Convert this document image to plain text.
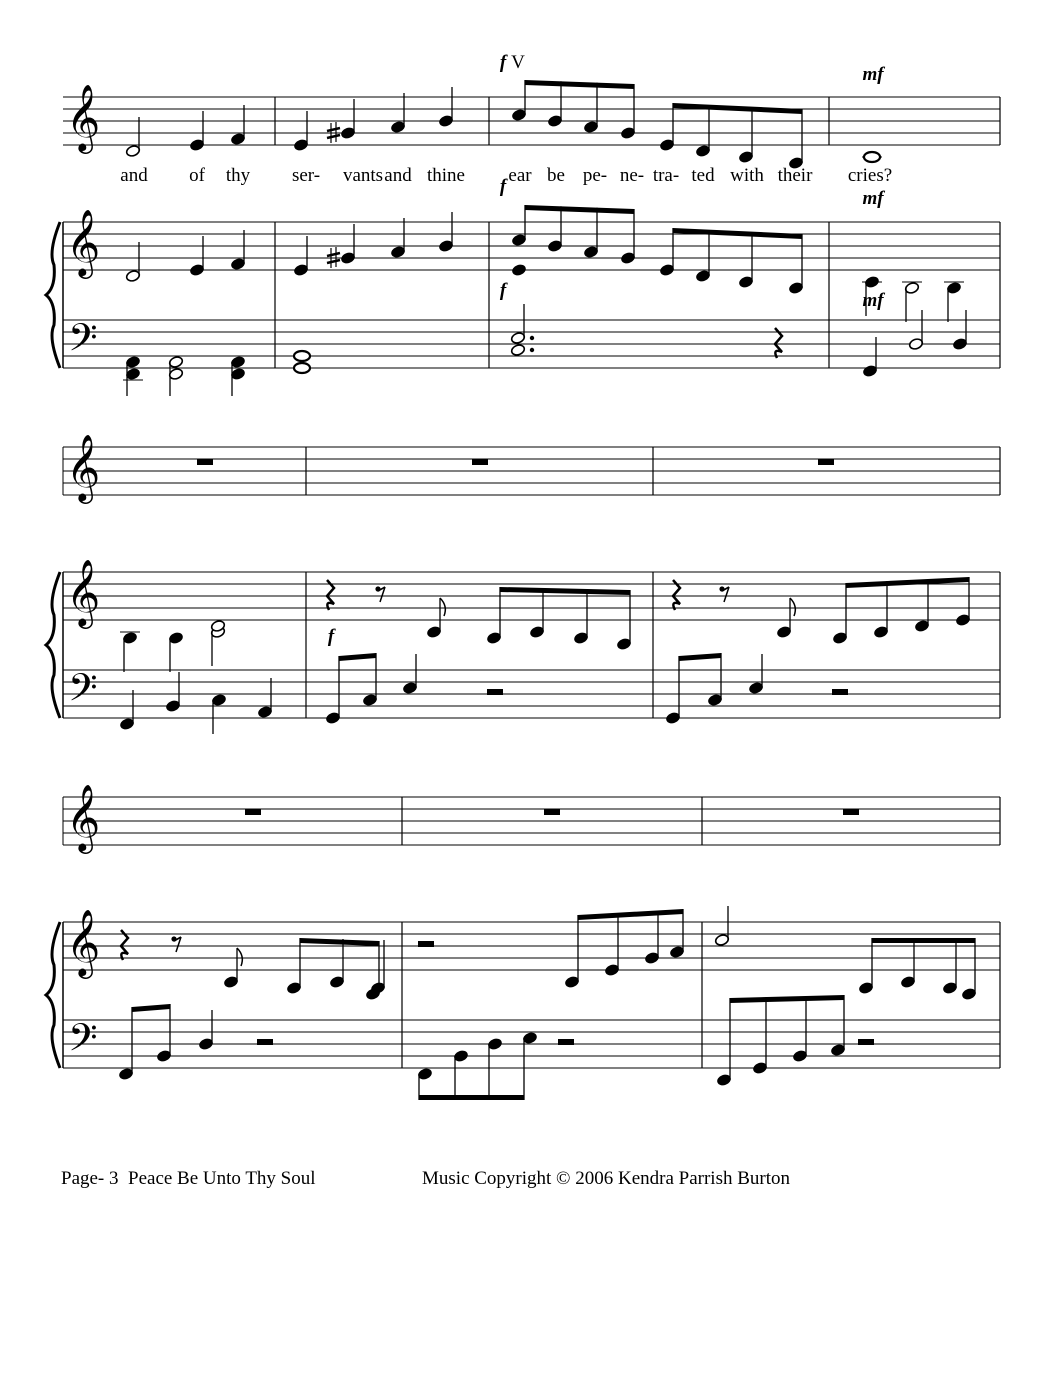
𝄞
𝄞
𝄢
and of thy ser- vants and thine ear be pe- ne- tra- ted with their cries?
f V
mf
f
f
mf
mf
𝄞
𝄞
𝄢
f
𝄞
𝄞
𝄢
Page- 3  Peace Be Unto Thy Soul	Music Copyright © 2006 Kendra Parrish Burton
